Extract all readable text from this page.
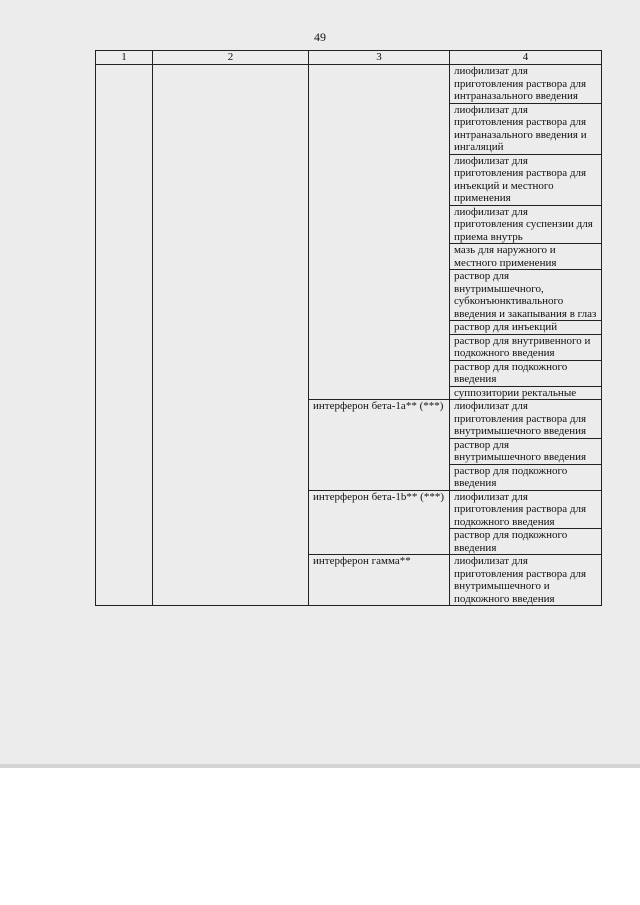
49
1	2	3	4
			лиофилизат для приготовления раствора для интраназального введения
			лиофилизат для приготовления раствора для интраназального введения и ингаляций
			лиофилизат для приготовления раствора для инъекций и местного применения
			лиофилизат для приготовления суспензии для приема внутрь
			мазь для наружного и местного применения
			раствор для внутримышечного, субконъюнктивального введения и закапывания в глаз
			раствор для инъекций
			раствор для внутривенного и подкожного введения
			раствор для подкожного введения
			суппозитории ректальные
		интерферон бета-1a** (***)	лиофилизат для приготовления раствора для внутримышечного введения
			раствор для внутримышечного введения
			раствор для подкожного введения
		интерферон бета-1b** (***)	лиофилизат для приготовления раствора для подкожного введения
			раствор для подкожного введения
		интерферон гамма**	лиофилизат для приготовления раствора для внутримышечного и подкожного введения
